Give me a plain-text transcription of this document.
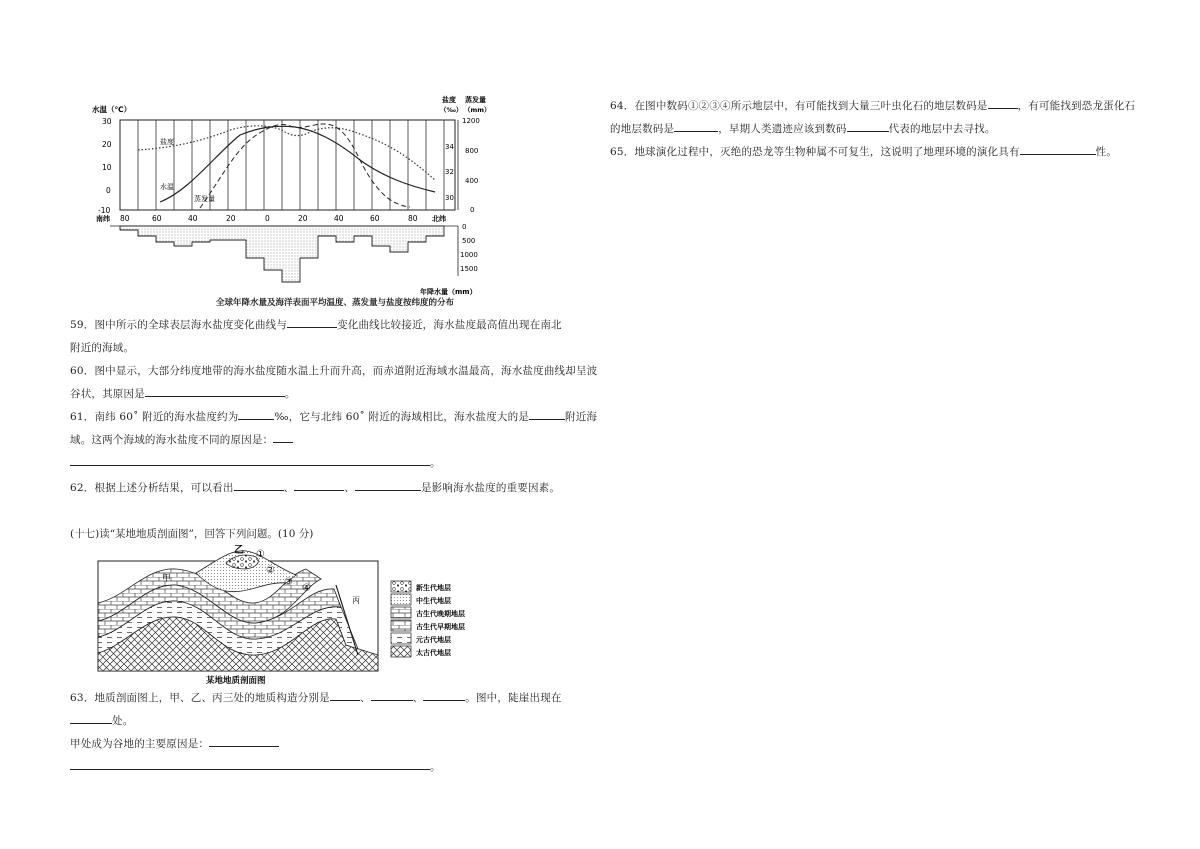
水温（℃）
盐度
（‰）
蒸发量
（mm）
30
20
10
0
-10
34
32
30
1200
800
400
0
盐度
水温
蒸发量
南纬 80	60	40	20	0	20	40	60	80 北纬
0
500
1000
1500
年降水量（mm）

全球年降水量及海洋表面平均温度、蒸发量与盐度按纬度的分布

59．图中所示的全球表层海水盐度变化曲线与	变化曲线比较接近，海水盐度最高值出现在南北
附近的海域。

60．图中显示，大部分纬度地带的海水盐度随水温上升而升高，而赤道附近海域水温最高，海水盐度曲线却呈波
谷状，其原因是	。

61．南纬 60˚ 附近的海水盐度约为	‰，它与北纬 60˚ 附近的海域相比，海水盐度大的是	附近海
域。这两个海域的海水盐度不同的原因是：
。

62．根据上述分析结果，可以看出	、	、	是影响海水盐度的重要因素。

(十七)读“某地地质剖面图”，回答下列问题。(10 分)

乙
甲
丙
①
②
③
④	新生代地层
中生代地层
古生代晚期地层
古生代早期地层
元古代地层
太古代地层
某地地质剖面图

63．地质剖面图上，甲、乙、丙三处的地质构造分别是	、	、	。图中，陡崖出现在处。
甲处成为谷地的主要原因是：
。

64．在图中数码①②③④所示地层中，有可能找到大量三叶虫化石的地层数码是	，有可能找到恐龙蛋化石
的地层数码是	，早期人类遗迹应该到数码	代表的地层中去寻找。

65．地球演化过程中，灭绝的恐龙等生物种属不可复生，这说明了地理环境的演化具有	性。
